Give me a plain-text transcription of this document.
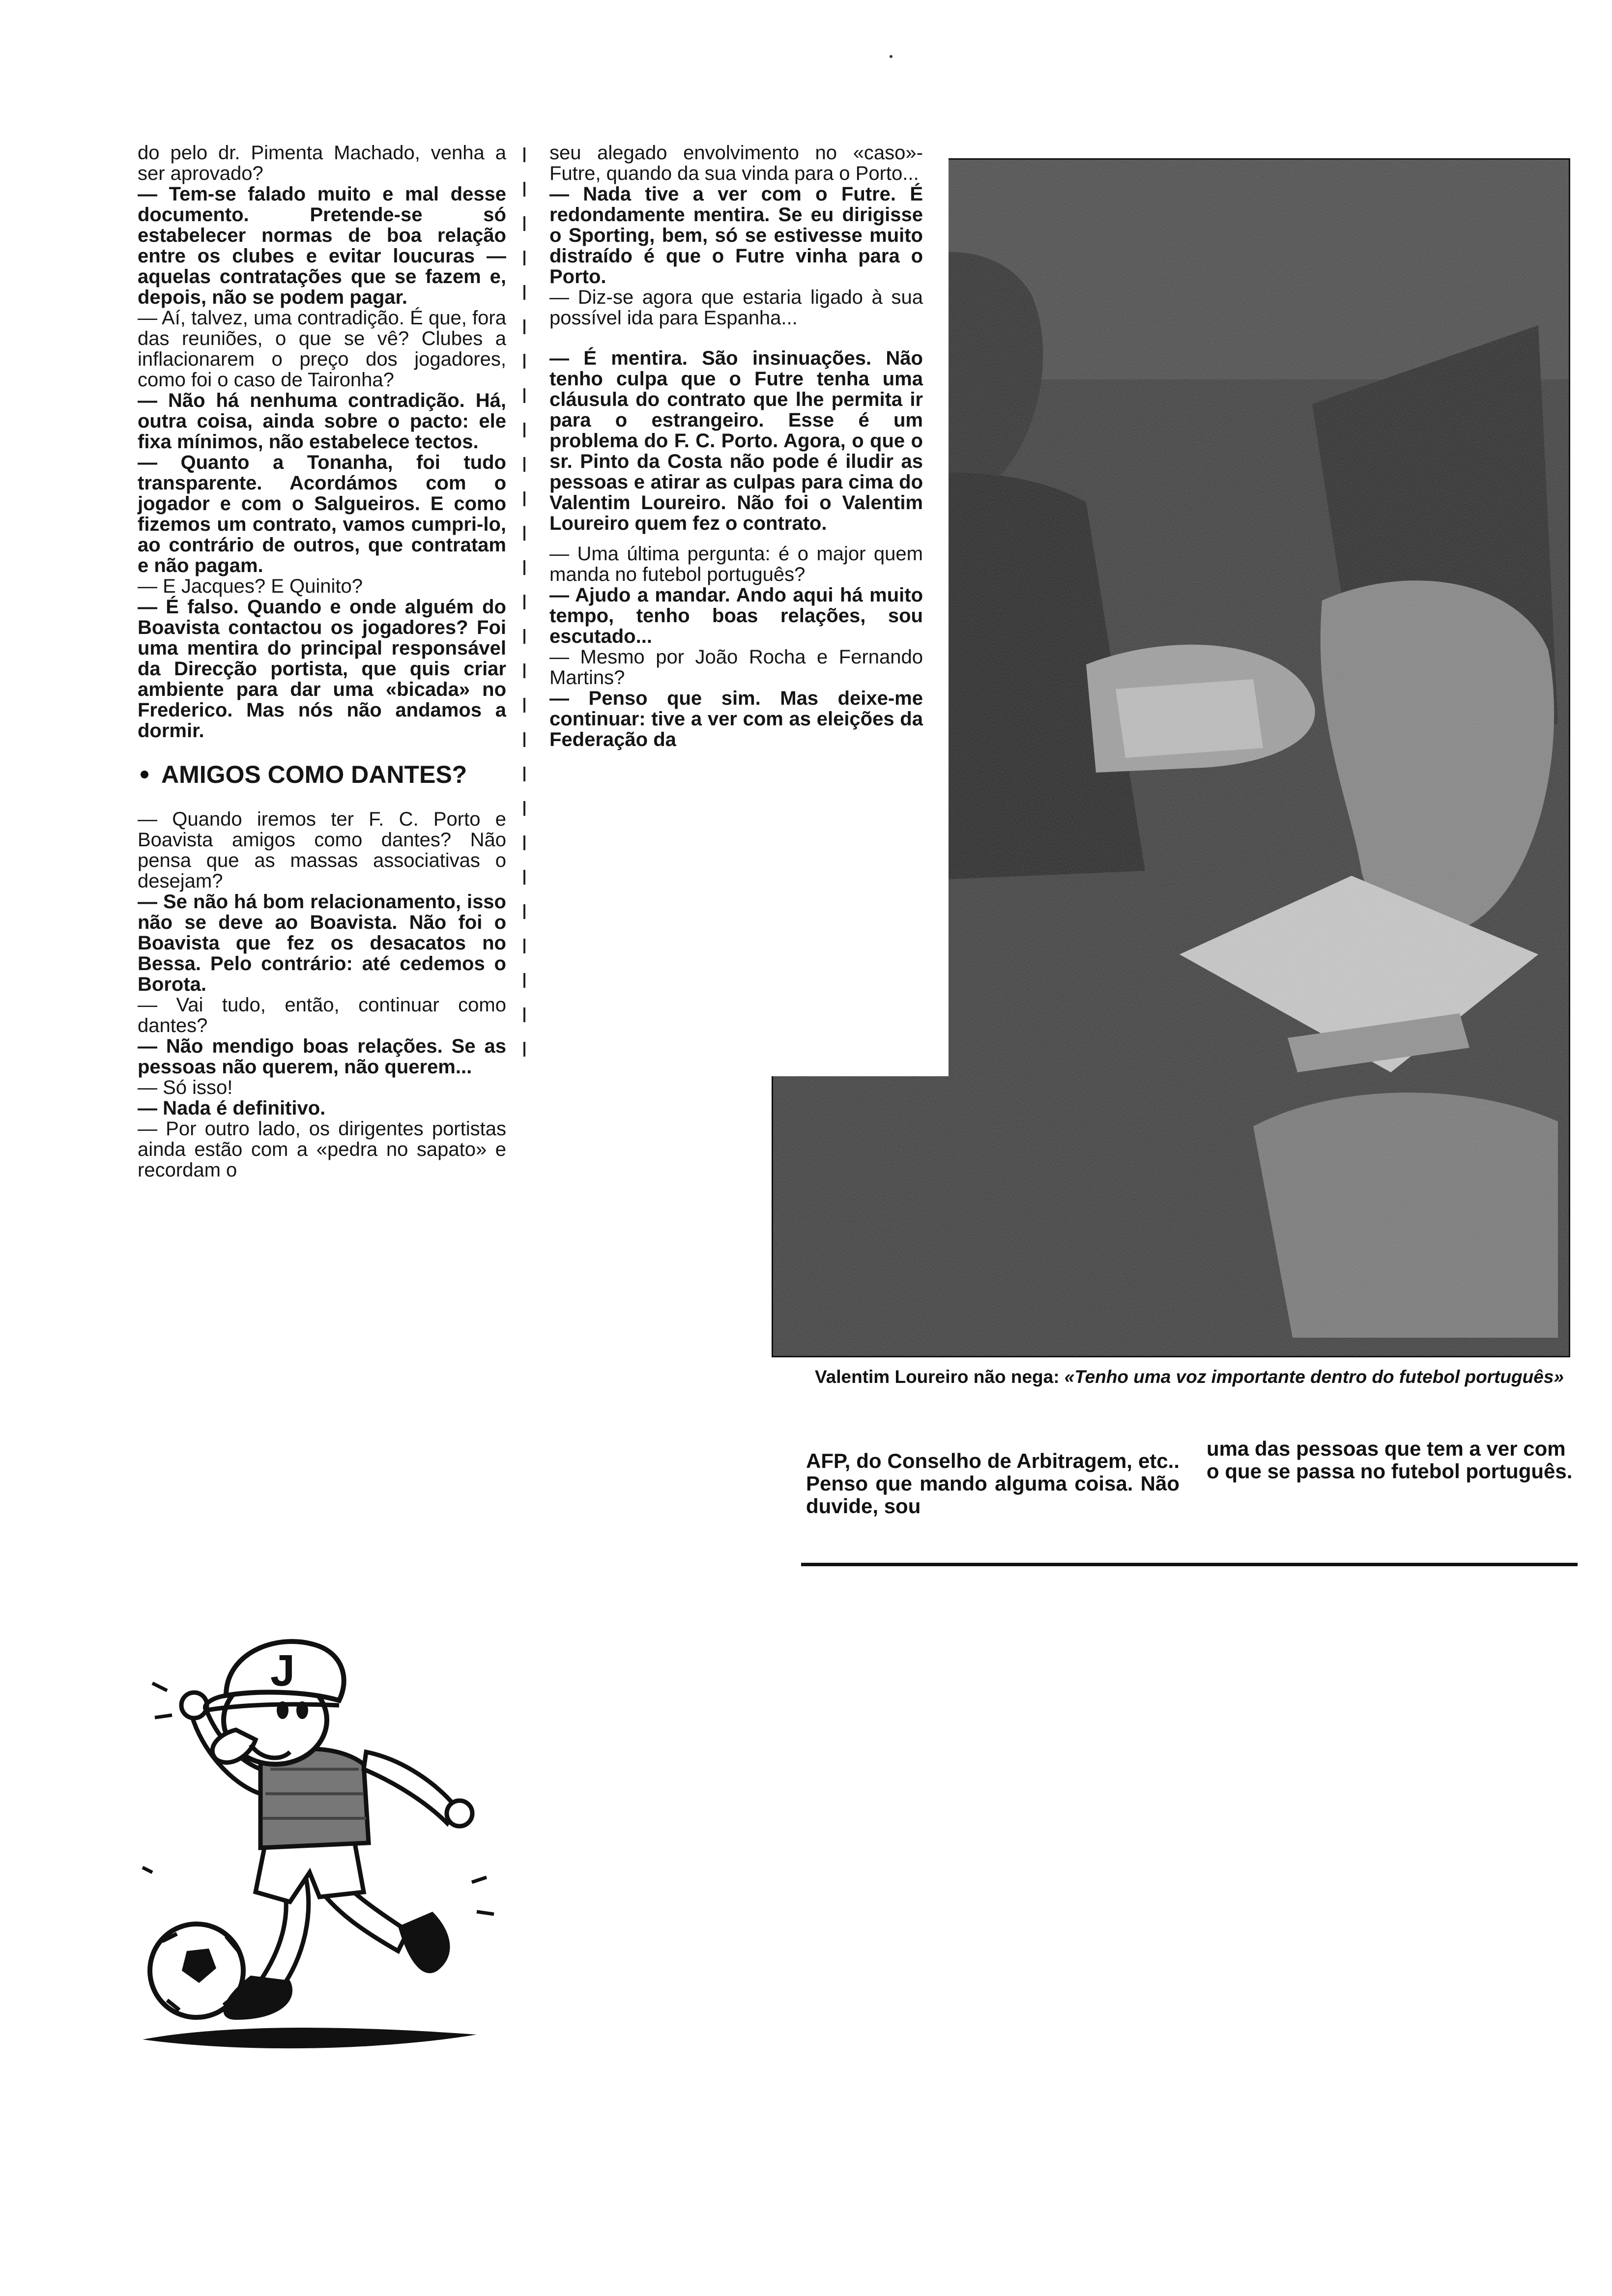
do pelo dr. Pimenta Machado, venha a ser aprovado?

— Tem-se falado muito e mal desse documento. Pretende-se só estabelecer normas de boa relação entre os clubes e evitar loucuras — aquelas contratações que se fazem e, depois, não se podem pagar.

— Aí, talvez, uma contradição. É que, fora das reuniões, o que se vê? Clubes a inflacionarem o preço dos jogadores, como foi o caso de Taironha?

— Não há nenhuma contradição. Há, outra coisa, ainda sobre o pacto: ele fixa mínimos, não estabelece tectos.

— Quanto a Tonanha, foi tudo transparente. Acordámos com o jogador e com o Salgueiros. E como fizemos um contrato, vamos cumpri-lo, ao contrário de outros, que contratam e não pagam.

— E Jacques? E Quinito?

— É falso. Quando e onde alguém do Boavista contactou os jogadores? Foi uma mentira do principal responsável da Direcção portista, que quis criar ambiente para dar uma «bicada» no Frederico. Mas nós não andamos a dormir.

AMIGOS COMO DANTES?

— Quando iremos ter F. C. Porto e Boavista amigos como dantes? Não pensa que as massas associativas o desejam?

— Se não há bom relacionamento, isso não se deve ao Boavista. Não foi o Boavista que fez os desacatos no Bessa. Pelo contrário: até cedemos o Borota.

— Vai tudo, então, continuar como dantes?

— Não mendigo boas relações. Se as pessoas não querem, não querem...

— Só isso!

— Nada é definitivo.

— Por outro lado, os dirigentes portistas ainda estão com a «pedra no sapato» e recordam o

seu alegado envolvimento no «caso»-Futre, quando da sua vinda para o Porto...

— Nada tive a ver com o Futre. É redondamente mentira. Se eu dirigisse o Sporting, bem, só se estivesse muito distraído é que o Futre vinha para o Porto.

— Diz-se agora que estaria ligado à sua possível ida para Espanha...

— É mentira. São insinuações. Não tenho culpa que o Futre tenha uma cláusula do contrato que lhe permita ir para o estrangeiro. Esse é um problema do F. C. Porto. Agora, o que o sr. Pinto da Costa não pode é iludir as pessoas e atirar as culpas para cima do Valentim Loureiro. Não foi o Valentim Loureiro quem fez o contrato.

— Uma última pergunta: é o major quem manda no futebol português?

— Ajudo a mandar. Ando aqui há muito tempo, tenho boas relações, sou escutado...

— Mesmo por João Rocha e Fernando Martins?

— Penso que sim. Mas deixe-me continuar: tive a ver com as eleições da Federação da

Valentim Loureiro não nega: «Tenho uma voz importante dentro do futebol português»
AFP, do Conselho de Arbitragem, etc.. Penso que mando alguma coisa. Não duvide, sou
uma das pessoas que tem a ver com o que se passa no futebol português.
J
